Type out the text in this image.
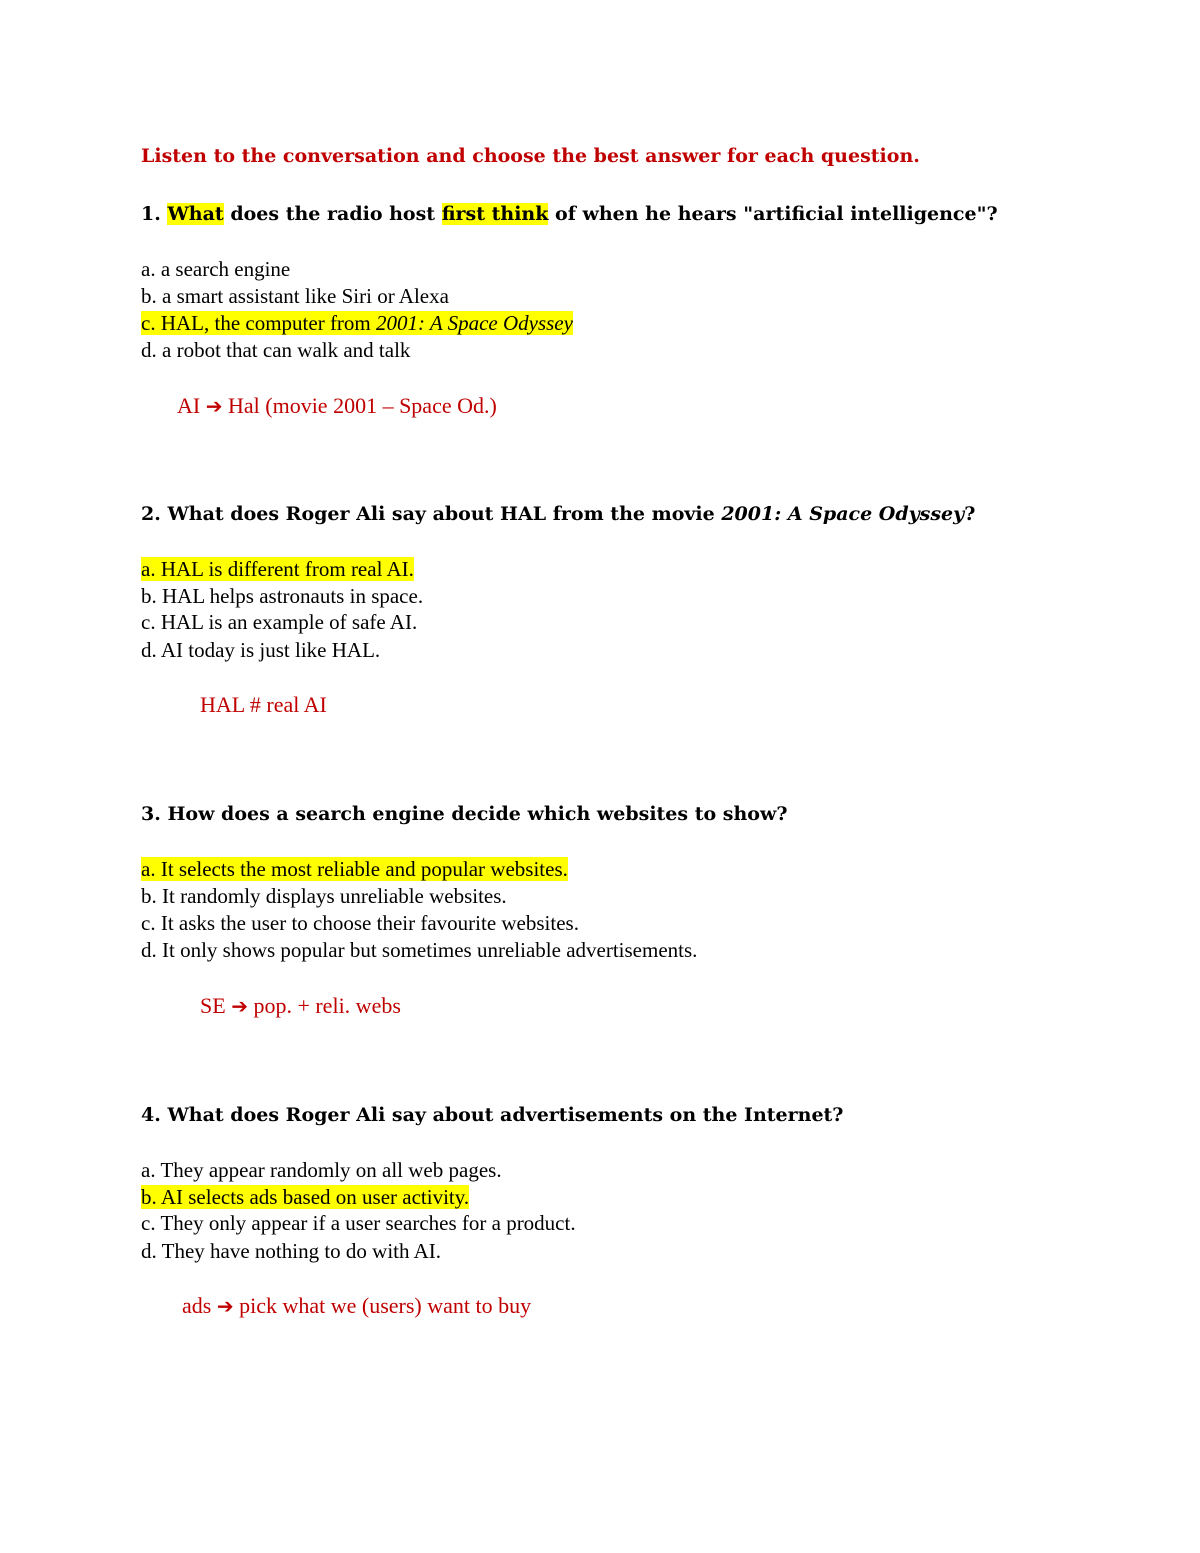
Listen to the conversation and choose the best answer for each question.
1. What does the radio host first think of when he hears "artificial intelligence"?
a. a search engine
b. a smart assistant like Siri or Alexa
c. HAL, the computer from 2001: A Space Odyssey
d. a robot that can walk and talk
AI ➔ Hal (movie 2001 – Space Od.)
2. What does Roger Ali say about HAL from the movie 2001: A Space Odyssey?
a. HAL is different from real AI.
b. HAL helps astronauts in space.
c. HAL is an example of safe AI.
d. AI today is just like HAL.
HAL # real AI
3. How does a search engine decide which websites to show?
a. It selects the most reliable and popular websites.
b. It randomly displays unreliable websites.
c. It asks the user to choose their favourite websites.
d. It only shows popular but sometimes unreliable advertisements.
SE ➔ pop. + reli. webs
4. What does Roger Ali say about advertisements on the Internet?
a. They appear randomly on all web pages.
b. AI selects ads based on user activity.
c. They only appear if a user searches for a product.
d. They have nothing to do with AI.
ads ➔ pick what we (users) want to buy
